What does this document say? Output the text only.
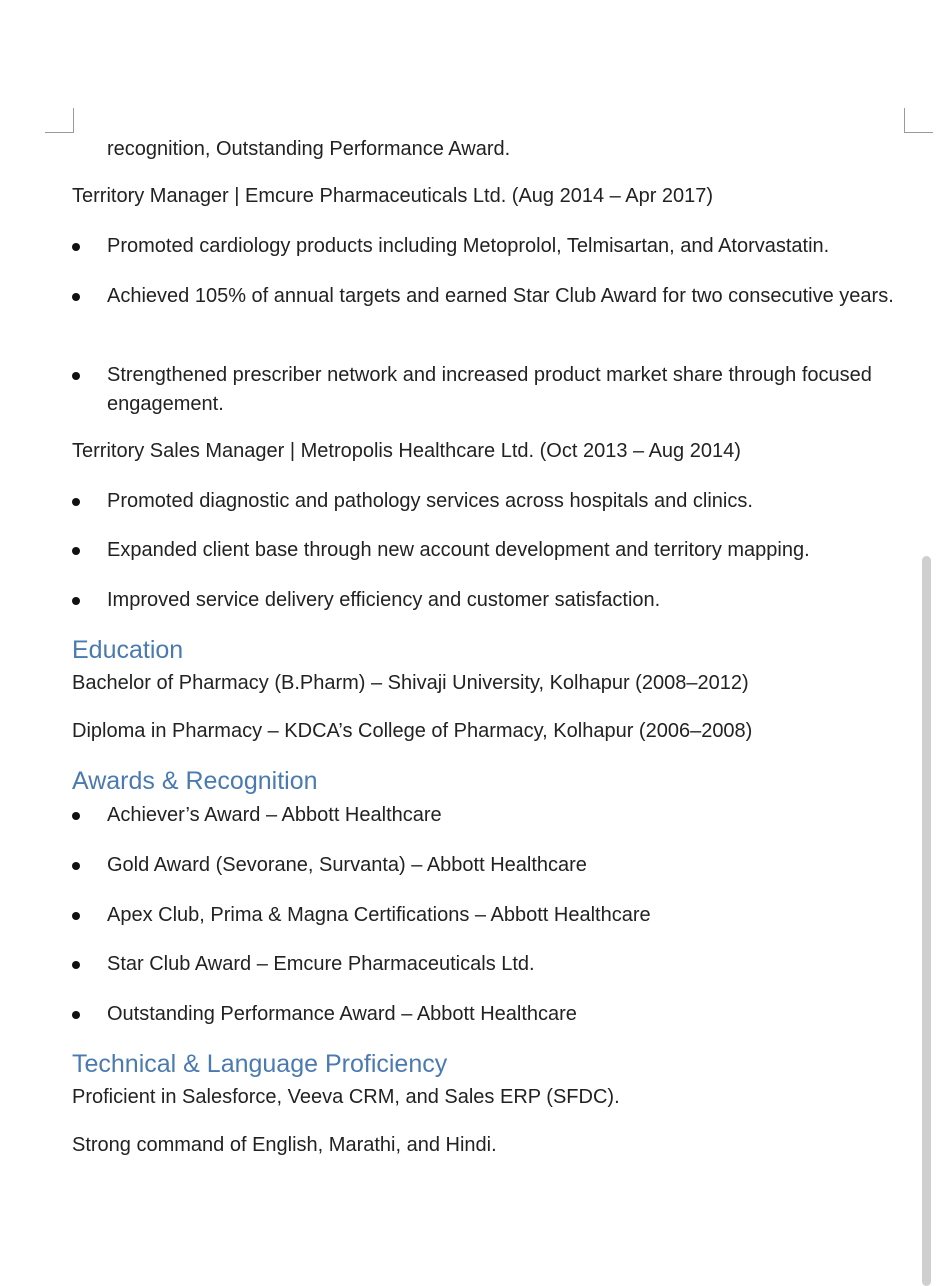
recognition, Outstanding Performance Award.
Territory Manager | Emcure Pharmaceuticals Ltd. (Aug 2014 – Apr 2017)
Promoted cardiology products including Metoprolol, Telmisartan, and Atorvastatin.
Achieved 105% of annual targets and earned Star Club Award for two consecutive years.
Strengthened prescriber network and increased product market share through focused engagement.
Territory Sales Manager | Metropolis Healthcare Ltd. (Oct 2013 – Aug 2014)
Promoted diagnostic and pathology services across hospitals and clinics.
Expanded client base through new account development and territory mapping.
Improved service delivery efficiency and customer satisfaction.
Education
Bachelor of Pharmacy (B.Pharm) – Shivaji University, Kolhapur (2008–2012)
Diploma in Pharmacy – KDCA’s College of Pharmacy, Kolhapur (2006–2008)
Awards & Recognition
Achiever’s Award – Abbott Healthcare
Gold Award (Sevorane, Survanta) – Abbott Healthcare
Apex Club, Prima & Magna Certifications – Abbott Healthcare
Star Club Award – Emcure Pharmaceuticals Ltd.
Outstanding Performance Award – Abbott Healthcare
Technical & Language Proficiency
Proficient in Salesforce, Veeva CRM, and Sales ERP (SFDC).
Strong command of English, Marathi, and Hindi.
